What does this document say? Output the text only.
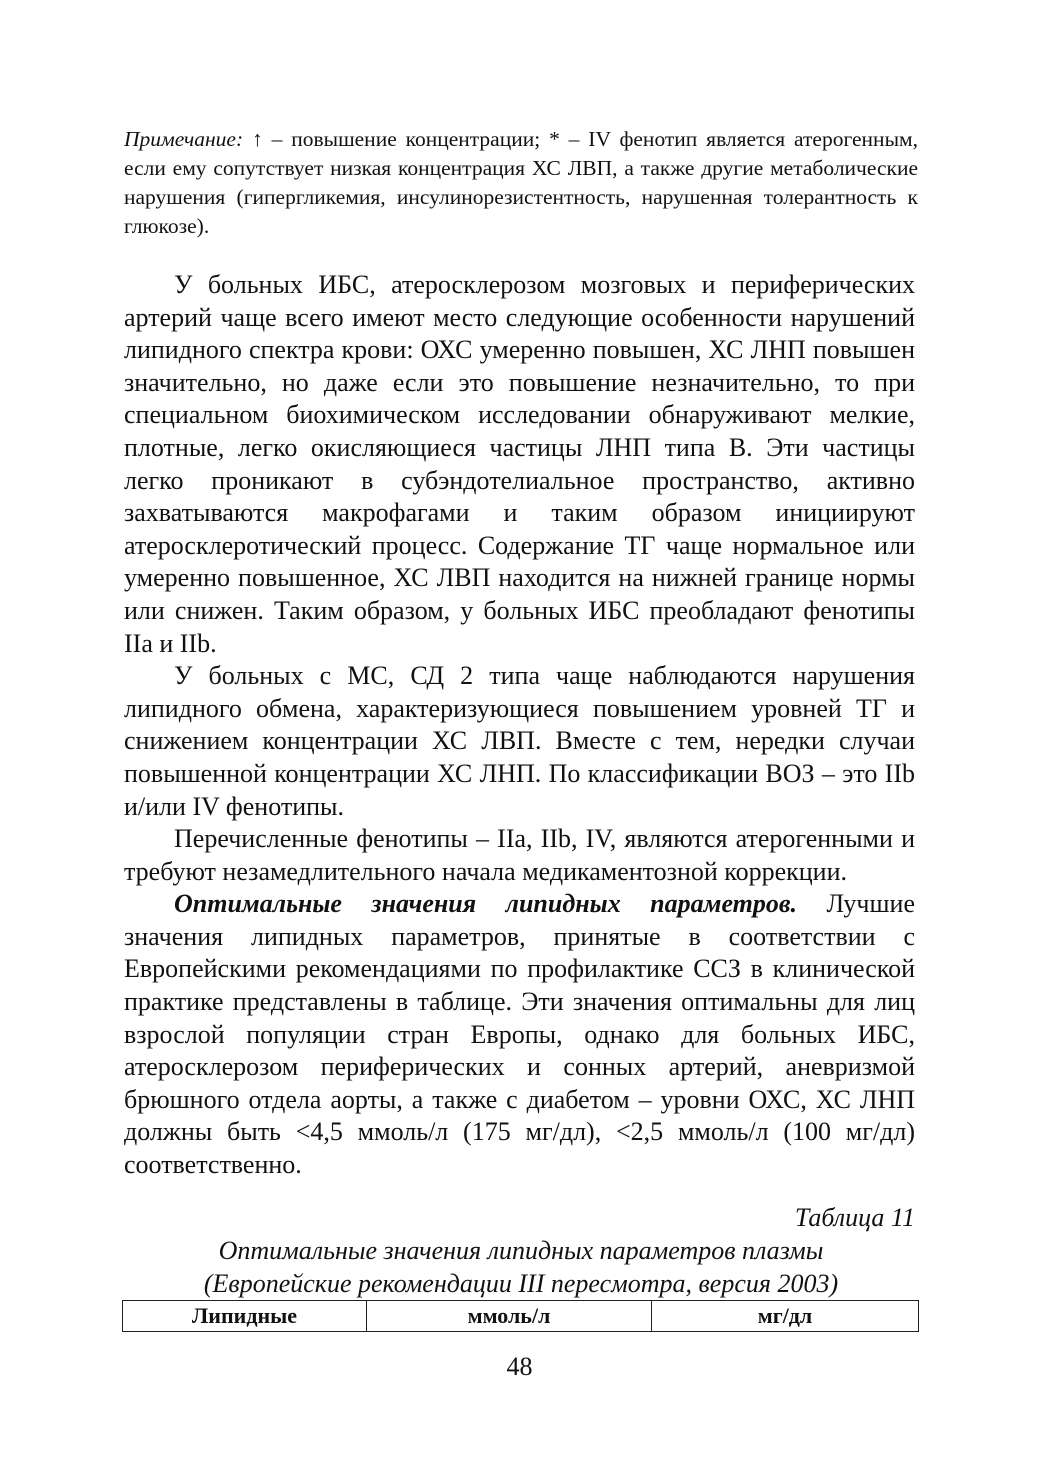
Примечание: ↑ – повышение концентрации; * – IV фенотип является атерогенным, если ему сопутствует низкая концентрация ХС ЛВП, а также другие метаболические нарушения (гипергликемия, инсулинорезистентность, нарушенная толерантность к глюкозе).

У больных ИБС, атеросклерозом мозговых и периферических артерий чаще всего имеют место следующие особенности нарушений липидного спектра крови: ОХС умеренно повышен, ХС ЛНП повышен значительно, но даже если это повышение незначительно, то при специальном биохимическом исследовании обнаруживают мелкие, плотные, легко окисляющиеся частицы ЛНП типа В. Эти частицы легко проникают в субэндотелиальное пространство, активно захватываются макрофагами и таким образом инициируют атеросклеротический процесс. Содержание ТГ чаще нормальное или умеренно повышенное, ХС ЛВП находится на нижней границе нормы или снижен. Таким образом, у больных ИБС преобладают фенотипы IIa и IIb.

У больных с МС, СД 2 типа чаще наблюдаются нарушения липидного обмена, характеризующиеся повышением уровней ТГ и снижением концентрации ХС ЛВП. Вместе с тем, нередки случаи повышенной концентрации ХС ЛНП. По классификации ВОЗ – это IIb и/или IV фенотипы.

Перечисленные фенотипы – IIa, IIb, IV, являются атерогенными и требуют незамедлительного начала медикаментозной коррекции.

Оптимальные значения липидных параметров. Лучшие значения липидных параметров, принятые в соответствии с Европейскими рекомендациями по профилактике ССЗ в клинической практике представлены в таблице. Эти значения оптимальны для лиц взрослой популяции стран Европы, однако для больных ИБС, атеросклерозом периферических и сонных артерий, аневризмой брюшного отдела аорты, а также с диабетом – уровни ОХС, ХС ЛНП должны быть <4,5 ммоль/л (175 мг/дл), <2,5 ммоль/л (100 мг/дл) соответственно.

Таблица 11
Оптимальные значения липидных параметров плазмы
(Европейские рекомендации III пересмотра, версия 2003)
Липидные	ммоль/л	мг/дл
48
